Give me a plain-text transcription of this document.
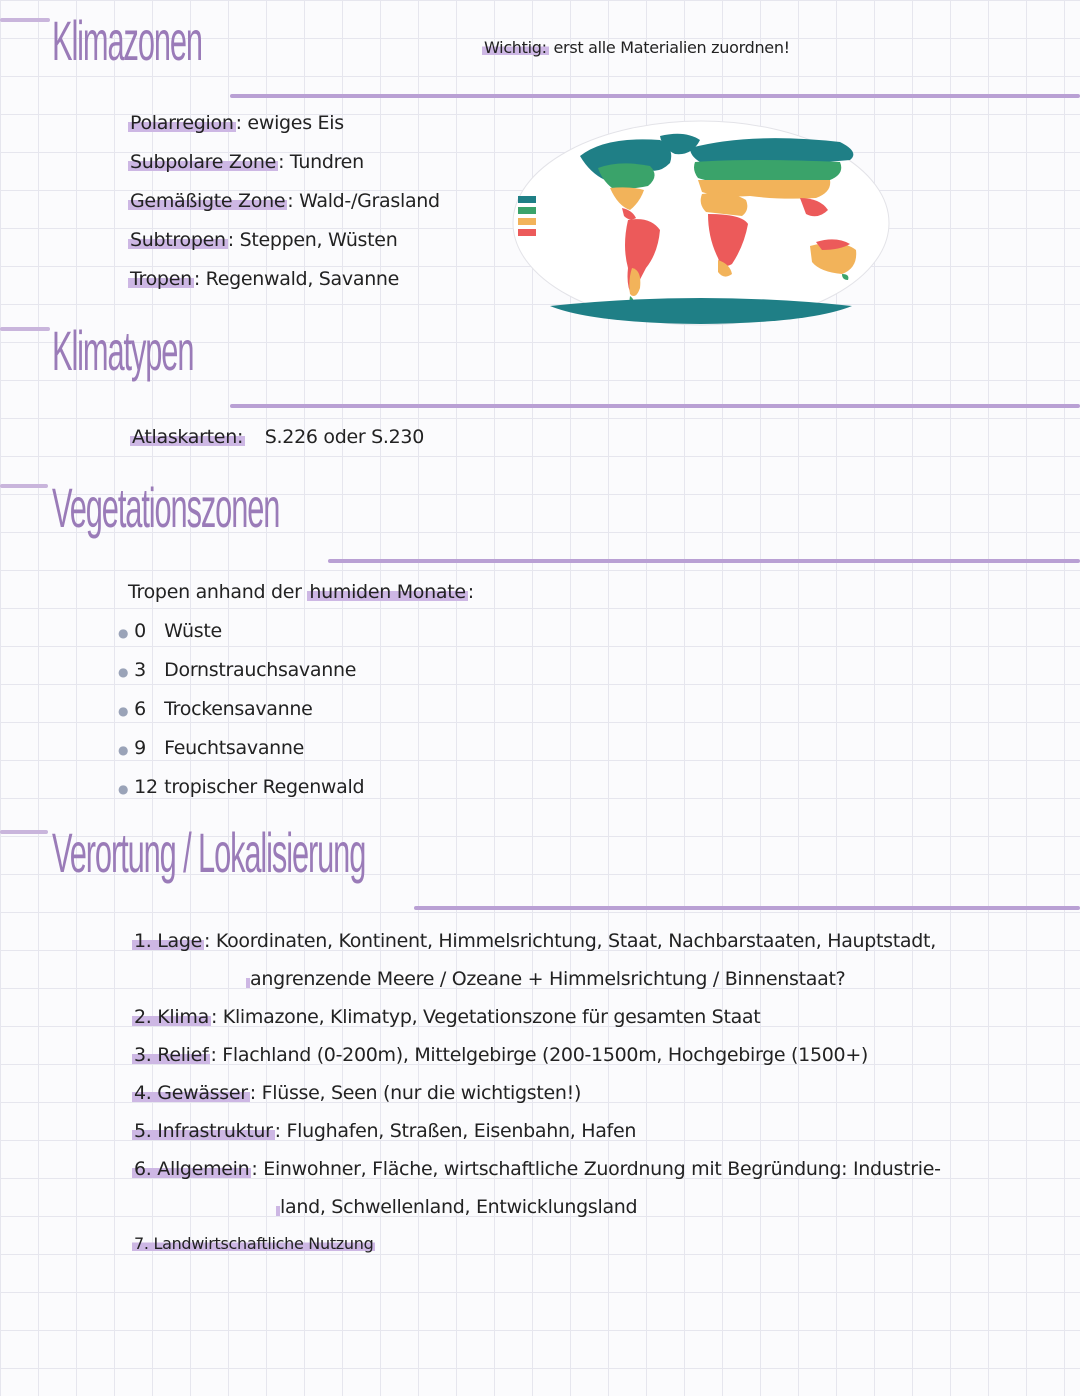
Wichtig: erst alle Materialien zuordnen!
Klimazonen
Polarregion : ewiges Eis
Subpolare Zone : Tundren
Gemäßigte Zone : Wald-/Grasland
Subtropen : Steppen, Wüsten
Tropen : Regenwald, Savanne
Klimatypen
Atlaskarten: S.226 oder S.230
Vegetationszonen
Tropen anhand der humiden Monate :
● 0 Wüste
● 3 Dornstrauchsavanne
● 6 Trockensavanne
● 9 Feuchtsavanne
● 12 tropischer Regenwald
Verortung / Lokalisierung
1. Lage : Koordinaten, Kontinent, Himmelsrichtung, Staat, Nachbarstaaten, Hauptstadt,
angrenzende Meere / Ozeane + Himmelsrichtung / Binnenstaat?
2. Klima : Klimazone, Klimatyp, Vegetationszone für gesamten Staat
3. Relief : Flachland (0-200m), Mittelgebirge (200-1500m, Hochgebirge (1500+)
4. Gewässer : Flüsse, Seen (nur die wichtigsten!)
5. Infrastruktur : Flughafen, Straßen, Eisenbahn, Hafen
6. Allgemein : Einwohner, Fläche, wirtschaftliche Zuordnung mit Begründung: Industrie-
land, Schwellenland, Entwicklungsland
7. Landwirtschaftliche Nutzung
